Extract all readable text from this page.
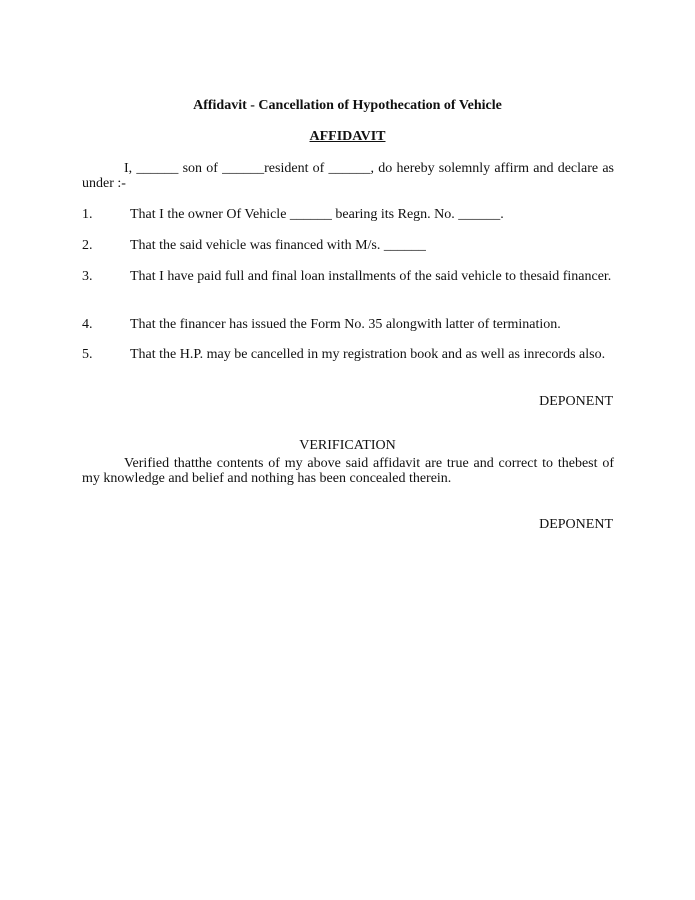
Affidavit - Cancellation of Hypothecation of Vehicle
AFFIDAVIT
I, ______ son of ______resident of ______, do hereby solemnly affirm and declare as under :-
1.	That I the owner Of Vehicle ______ bearing its Regn. No. ______.
2.	That the said vehicle was financed with M/s. ______
3.	That I have paid full and final loan installments of the said vehicle to thesaid financer.
4.	That the financer has issued the Form No. 35 alongwith latter of termination.
5.	That the H.P. may be cancelled in my registration book and as well as inrecords also.
DEPONENT
VERIFICATION
Verified thatthe contents of my above said affidavit are true and correct to thebest of my knowledge and belief and nothing has been concealed therein.
DEPONENT
